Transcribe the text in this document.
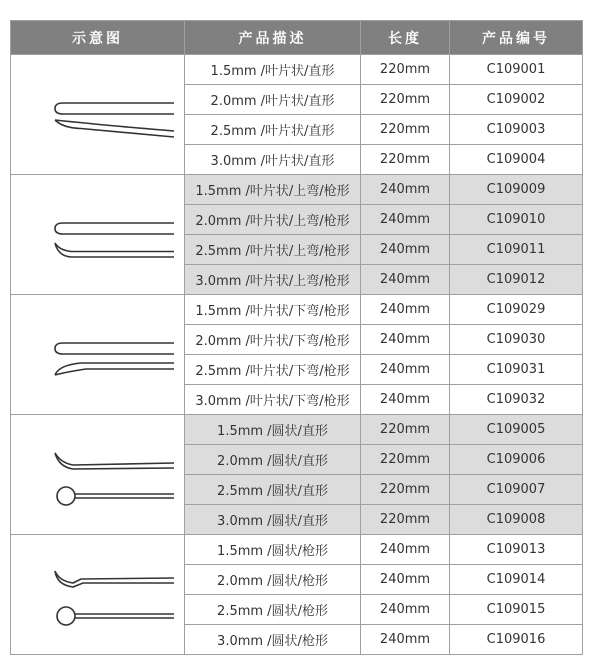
示意图	产品描述	长度	产品编号

	1.5mm /叶片状/直形	220mm	C109001
	2.0mm /叶片状/直形	220mm	C109002
	2.5mm /叶片状/直形	220mm	C109003
	3.0mm /叶片状/直形	220mm	C109004

	1.5mm /叶片状/上弯/枪形	240mm	C109009
	2.0mm /叶片状/上弯/枪形	240mm	C109010
	2.5mm /叶片状/上弯/枪形	240mm	C109011
	3.0mm /叶片状/上弯/枪形	240mm	C109012

	1.5mm /叶片状/下弯/枪形	240mm	C109029
	2.0mm /叶片状/下弯/枪形	240mm	C109030
	2.5mm /叶片状/下弯/枪形	240mm	C109031
	3.0mm /叶片状/下弯/枪形	240mm	C109032

	1.5mm /圆状/直形	220mm	C109005
	2.0mm /圆状/直形	220mm	C109006
	2.5mm /圆状/直形	220mm	C109007
	3.0mm /圆状/直形	220mm	C109008

	1.5mm /圆状/枪形	240mm	C109013
	2.0mm /圆状/枪形	240mm	C109014
	2.5mm /圆状/枪形	240mm	C109015
	3.0mm /圆状/枪形	240mm	C109016
